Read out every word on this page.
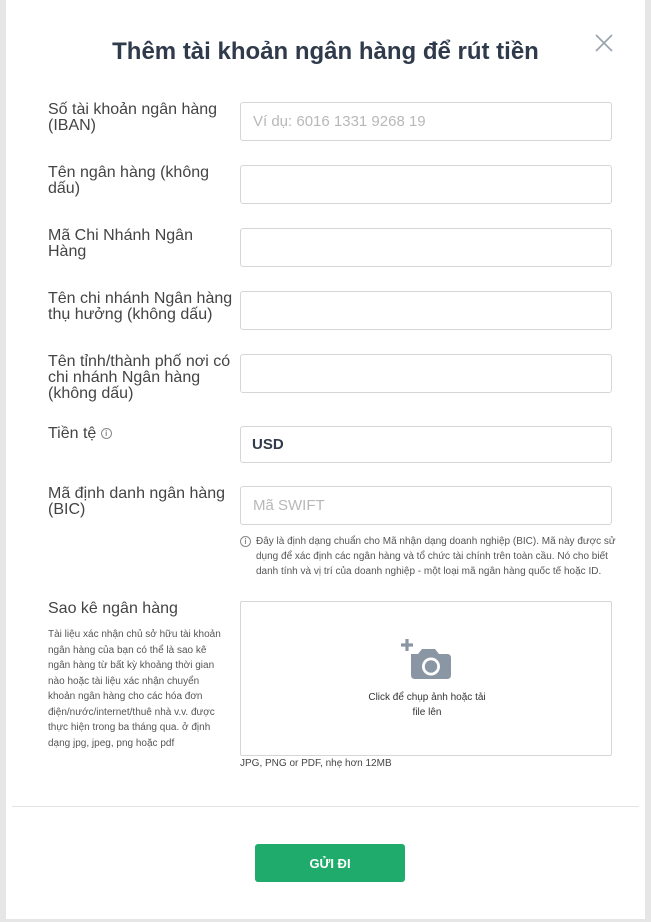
Thêm tài khoản ngân hàng để rút tiền
Số tài khoản ngân hàng (IBAN)
Ví dụ: 6016 1331 9268 19
Tên ngân hàng (không dấu)
Mã Chi Nhánh Ngân Hàng
Tên chi nhánh Ngân hàng thụ hưởng (không dấu)
Tên tỉnh/thành phố nơi có chi nhánh Ngân hàng (không dấu)
Tiền tệ i
USD
Mã định danh ngân hàng (BIC)
Mã SWIFT
i Đây là định dạng chuẩn cho Mã nhận dạng doanh nghiệp (BIC). Mã này được sử dụng để xác định các ngân hàng và tổ chức tài chính trên toàn cầu. Nó cho biết danh tính và vị trí của doanh nghiệp - một loại mã ngân hàng quốc tế hoặc ID.
Sao kê ngân hàng
Tài liệu xác nhận chủ sở hữu tài khoản ngân hàng của bạn có thể là sao kê ngân hàng từ bất kỳ khoảng thời gian nào hoặc tài liệu xác nhận chuyển khoản ngân hàng cho các hóa đơn điện/nước/internet/thuê nhà v.v. được thực hiện trong ba tháng qua. ở định dạng jpg, jpeg, png hoặc pdf
Click để chụp ảnh hoặc tải file lên
JPG, PNG or PDF, nhẹ hơn 12MB
GỬI ĐI
